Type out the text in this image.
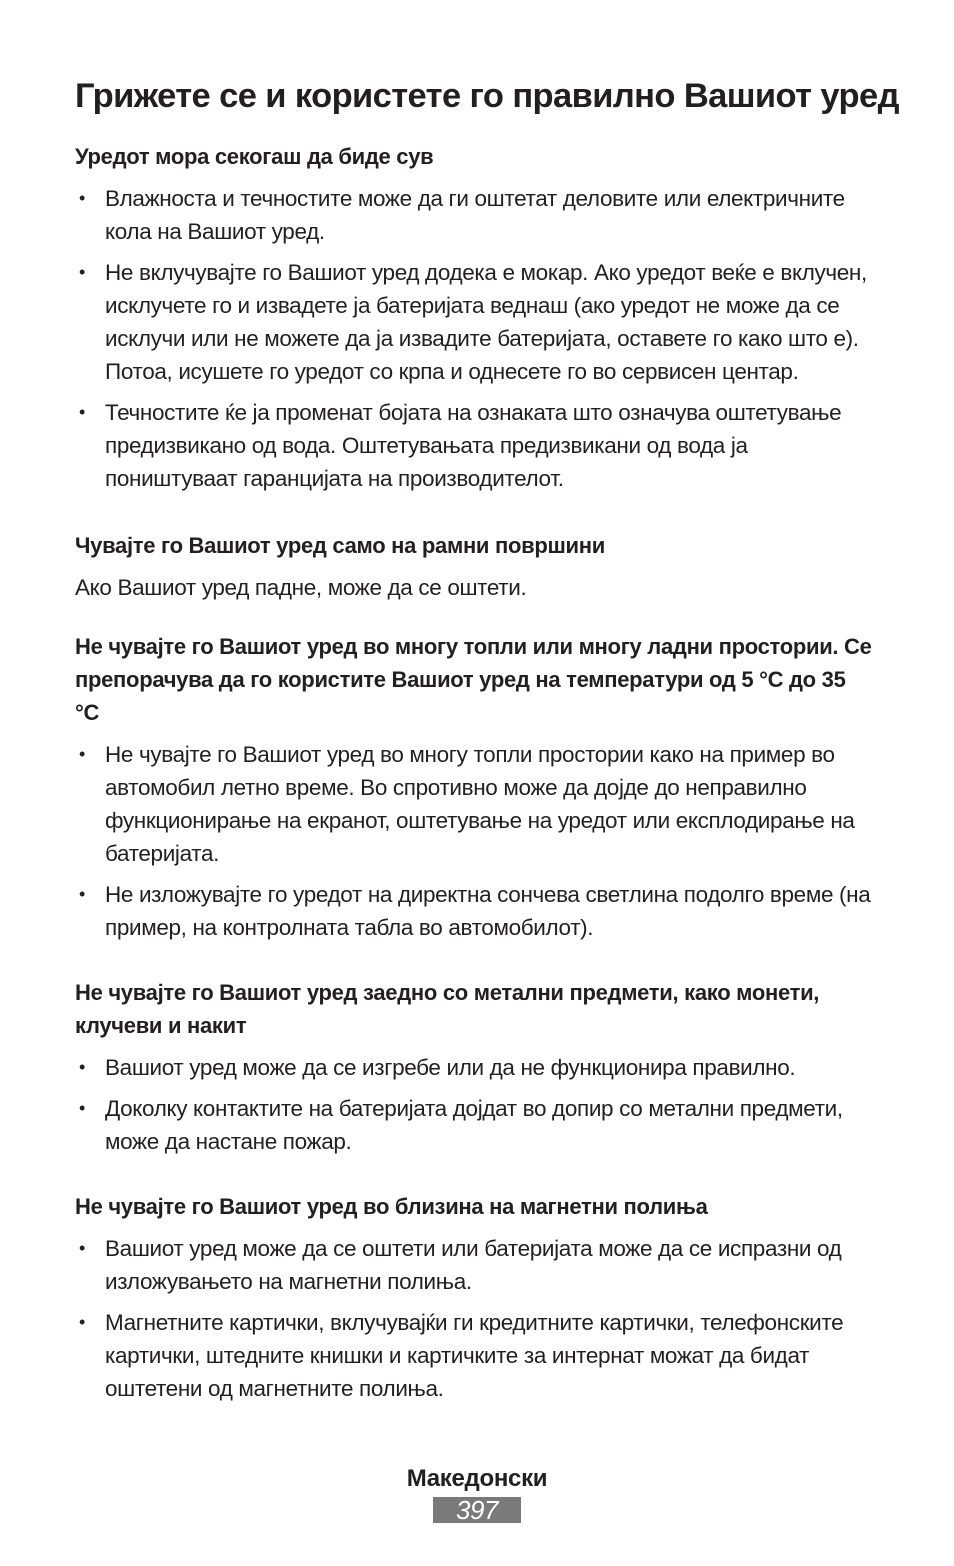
Грижете се и користете го правилно Вашиот уред
Уредот мора секогаш да биде сув
• Влажноста и течностите може да ги оштетат деловите или електричните кола на Вашиот уред.
• Не вклучувајте го Вашиот уред додека е мокар. Ако уредот веќе е вклучен, исклучете го и извадете ја батеријата веднаш (ако уредот не може да се исклучи или не можете да ја извадите батеријата, оставете го како што е). Потоа, исушете го уредот со крпа и однесете го во сервисен центар.
• Течностите ќе ја променат бојата на ознаката што означува оштетување предизвикано од вода. Оштетувањата предизвикани од вода ја поништуваат гаранцијата на производителот.
Чувајте го Вашиот уред само на рамни површини

Ако Вашиот уред падне, може да се оштети.

Не чувајте го Вашиот уред во многу топли или многу ладни простории. Се препорачува да го користите Вашиот уред на температури од 5 °C до 35 °C
• Не чувајте го Вашиот уред во многу топли простории како на пример во автомобил летно време. Во спротивно може да дојде до неправилно функционирање на екранот, оштетување на уредот или експлодирање на батеријата.
• Не изложувајте го уредот на директна сончева светлина подолго време (на пример, на контролната табла во автомобилот).
Не чувајте го Вашиот уред заедно со метални предмети, како монети, клучеви и накит
• Вашиот уред може да се изгребе или да не функционира правилно.
• Доколку контактите на батеријата дојдат во допир со метални предмети, може да настане пожар.
Не чувајте го Вашиот уред во близина на магнетни полиња
• Вашиот уред може да се оштети или батеријата може да се испразни од изложувањето на магнетни полиња.
• Магнетните картички, вклучувајќи ги кредитните картички, телефонските картички, штедните книшки и картичките за интернат можат да бидат оштетени од магнетните полиња.
Македонски
397
